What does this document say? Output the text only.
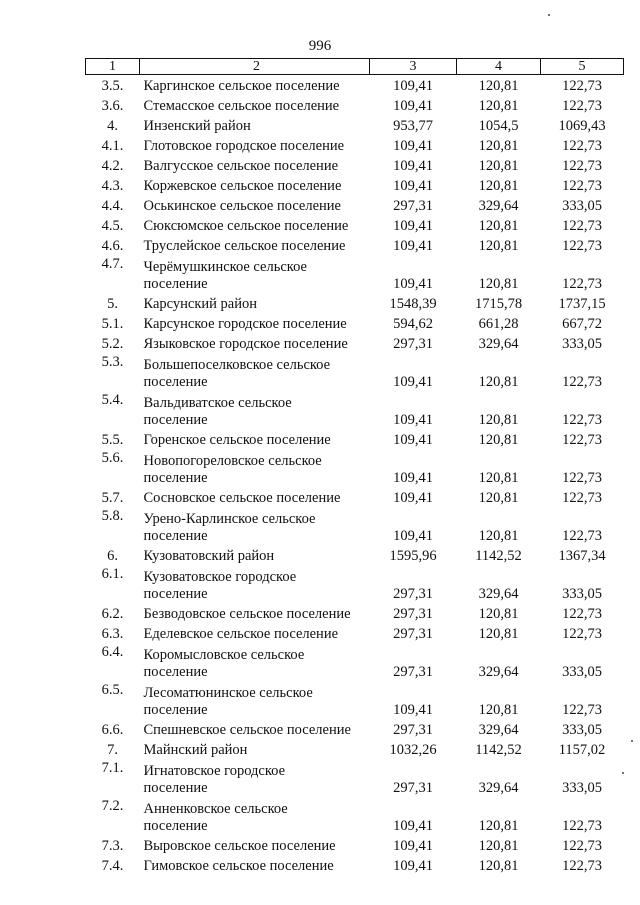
996
1	2	3	4	5
3.5.	Каргинское сельское поселение	109,41	120,81	122,73
3.6.	Стемасское сельское поселение	109,41	120,81	122,73
4.	Инзенский район	953,77	1054,5	1069,43
4.1.	Глотовское городское поселение	109,41	120,81	122,73
4.2.	Валгусское сельское поселение	109,41	120,81	122,73
4.3.	Коржевское сельское поселение	109,41	120,81	122,73
4.4.	Оськинское сельское поселение	297,31	329,64	333,05
4.5.	Сюксюмское сельское поселение	109,41	120,81	122,73
4.6.	Труслейское сельское поселение	109,41	120,81	122,73
4.7.	Черёмушкинское сельское
поселение	109,41	120,81	122,73
5.	Карсунский район	1548,39	1715,78	1737,15
5.1.	Карсунское городское поселение	594,62	661,28	667,72
5.2.	Языковское городское поселение	297,31	329,64	333,05
5.3.	Большепоселковское сельское
поселение	109,41	120,81	122,73
5.4.	Вальдиватское сельское
поселение	109,41	120,81	122,73
5.5.	Горенское сельское поселение	109,41	120,81	122,73
5.6.	Новопогореловское сельское
поселение	109,41	120,81	122,73
5.7.	Сосновское сельское поселение	109,41	120,81	122,73
5.8.	Урено-Карлинское сельское
поселение	109,41	120,81	122,73
6.	Кузоватовский район	1595,96	1142,52	1367,34
6.1.	Кузоватовское городское
поселение	297,31	329,64	333,05
6.2.	Безводовское сельское поселение	297,31	120,81	122,73
6.3.	Еделевское сельское поселение	297,31	120,81	122,73
6.4.	Коромысловское сельское
поселение	297,31	329,64	333,05
6.5.	Лесоматюнинское сельское
поселение	109,41	120,81	122,73
6.6.	Спешневское сельское поселение	297,31	329,64	333,05
7.	Майнский район	1032,26	1142,52	1157,02
7.1.	Игнатовское городское
поселение	297,31	329,64	333,05
7.2.	Анненковское сельское
поселение	109,41	120,81	122,73
7.3.	Выровское сельское поселение	109,41	120,81	122,73
7.4.	Гимовское сельское поселение	109,41	120,81	122,73
